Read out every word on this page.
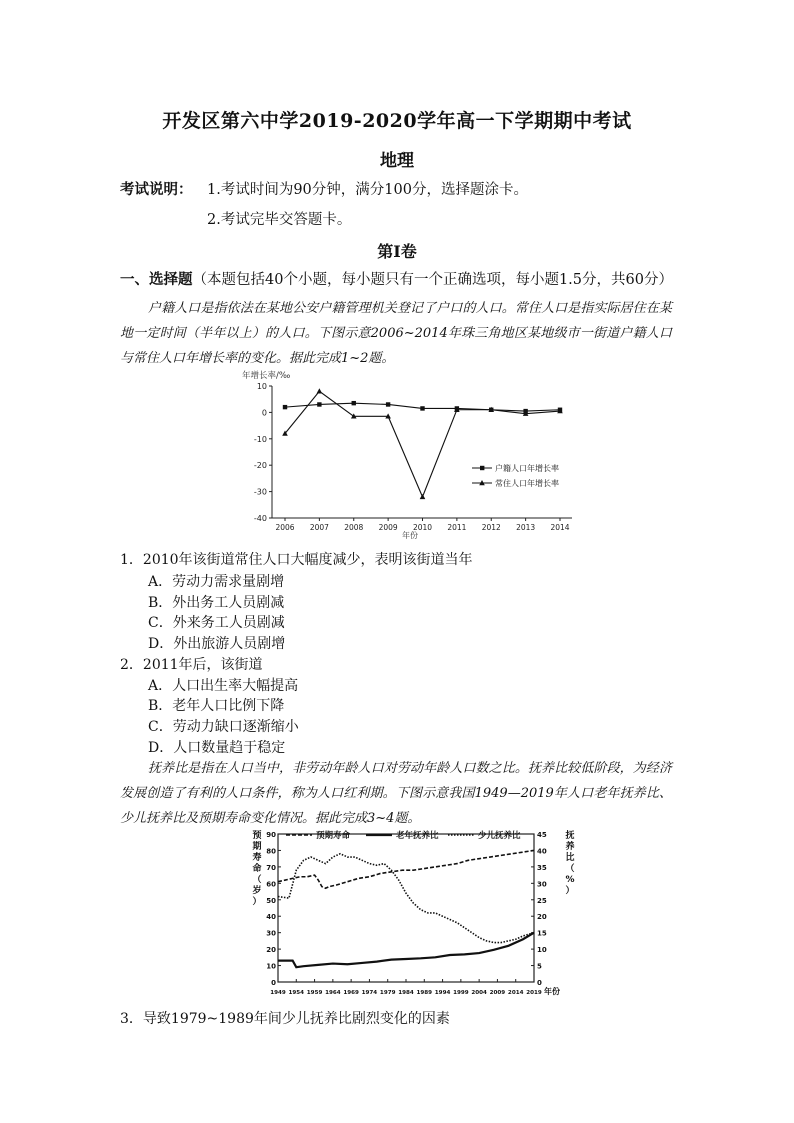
开发区第六中学2019-2020学年高一下学期期中考试
地理
考试说明： 1.考试时间为90分钟，满分100分，选择题涂卡。
2.考试完毕交答题卡。
第Ⅰ卷
一、选择题（本题包括40个小题，每小题只有一个正确选项，每小题1.5分，共60分）
户籍人口是指依法在某地公安户籍管理机关登记了户口的人口。常住人口是指实际居住在某地一定时间（半年以上）的人口。下图示意2006~2014年珠三角地区某地级市一街道户籍人口与常住人口年增长率的变化。据此完成1~2题。
年增长率/‰
10
0
-10
-20
-30
-40
2006 2007 2008 2009 2010 2011 2012 2013 2014
年份
户籍人口年增长率
常住人口年增长率
1．2010年该街道常住人口大幅度减少，表明该街道当年
A．劳动力需求量剧增
B．外出务工人员剧减
C．外来务工人员剧减
D．外出旅游人员剧增
2．2011年后，该街道
A．人口出生率大幅提高
B．老年人口比例下降
C．劳动力缺口逐渐缩小
D．人口数量趋于稳定
抚养比是指在人口当中，非劳动年龄人口对劳动年龄人口数之比。抚养比较低阶段，为经济发展创造了有利的人口条件，称为人口红利期。下图示意我国1949—2019年人口老年抚养比、少儿抚养比及预期寿命变化情况。据此完成3~4题。
预
期
寿
命
（
岁
）
抚
养
比
（
%
）
0
10
20
30
40
50
60
70
80
90
0
5
10
15
20
25
30
35
40
45
1949 1954 1959 1964 1969 1974 1979 1984 1989 1994 1999 2004 2009 2014 2019 年份
预期寿命	老年抚养比	少儿抚养比
3．导致1979~1989年间少儿抚养比剧烈变化的因素
